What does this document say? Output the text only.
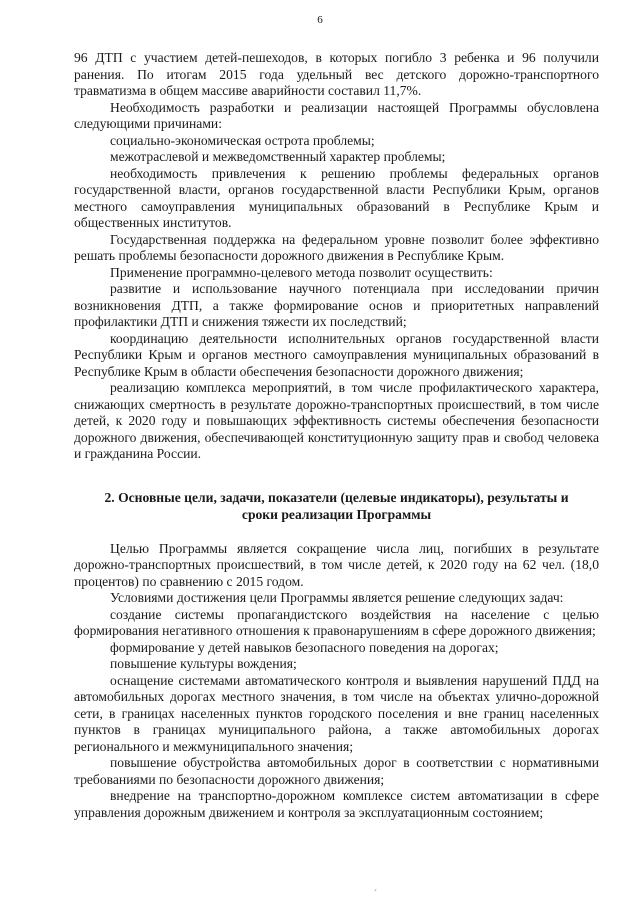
6

96 ДТП с участием детей-пешеходов, в которых погибло 3 ребенка и 96 получили ранения. По итогам 2015 года удельный вес детского дорожно-транспортного травматизма в общем массиве аварийности составил 11,7%.

Необходимость разработки и реализации настоящей Программы обусловлена следующими причинами:

социально-экономическая острота проблемы;

межотраслевой и межведомственный характер проблемы;

необходимость привлечения к решению проблемы федеральных органов государственной власти, органов государственной власти Республики Крым, органов местного самоуправления муниципальных образований в Республике Крым и общественных институтов.

Государственная поддержка на федеральном уровне позволит более эффективно решать проблемы безопасности дорожного движения в Республике Крым.

Применение программно-целевого метода позволит осуществить:

развитие и использование научного потенциала при исследовании причин возникновения ДТП, а также формирование основ и приоритетных направлений профилактики ДТП и снижения тяжести их последствий;

координацию деятельности исполнительных органов государственной власти Республики Крым и органов местного самоуправления муниципальных образований в Республике Крым в области обеспечения безопасности дорожного движения;

реализацию комплекса мероприятий, в том числе профилактического характера, снижающих смертность в результате дорожно-транспортных происшествий, в том числе детей, к 2020 году и повышающих эффективность системы обеспечения безопасности дорожного движения, обеспечивающей конституционную защиту прав и свобод человека и гражданина России.

2. Основные цели, задачи, показатели (целевые индикаторы), результаты и
сроки реализации Программы

Целью Программы является сокращение числа лиц, погибших в результате дорожно-транспортных происшествий, в том числе детей, к 2020 году на 62 чел. (18,0 процентов) по сравнению с 2015 годом.

Условиями достижения цели Программы является решение следующих задач:

создание системы пропагандистского воздействия на население с целью формирования негативного отношения к правонарушениям в сфере дорожного движения;

формирование у детей навыков безопасного поведения на дорогах;

повышение культуры вождения;

оснащение системами автоматического контроля и выявления нарушений ПДД на автомобильных дорогах местного значения, в том числе на объектах улично-дорожной сети, в границах населенных пунктов городского поселения и вне границ населенных пунктов в границах муниципального района, а также автомобильных дорогах регионального и межмуниципального значения;

повышение обустройства автомобильных дорог в соответствии с нормативными требованиями по безопасности дорожного движения;

внедрение на транспортно-дорожном комплексе систем автоматизации в сфере управления дорожным движением и контроля за эксплуатационным состоянием;

´
